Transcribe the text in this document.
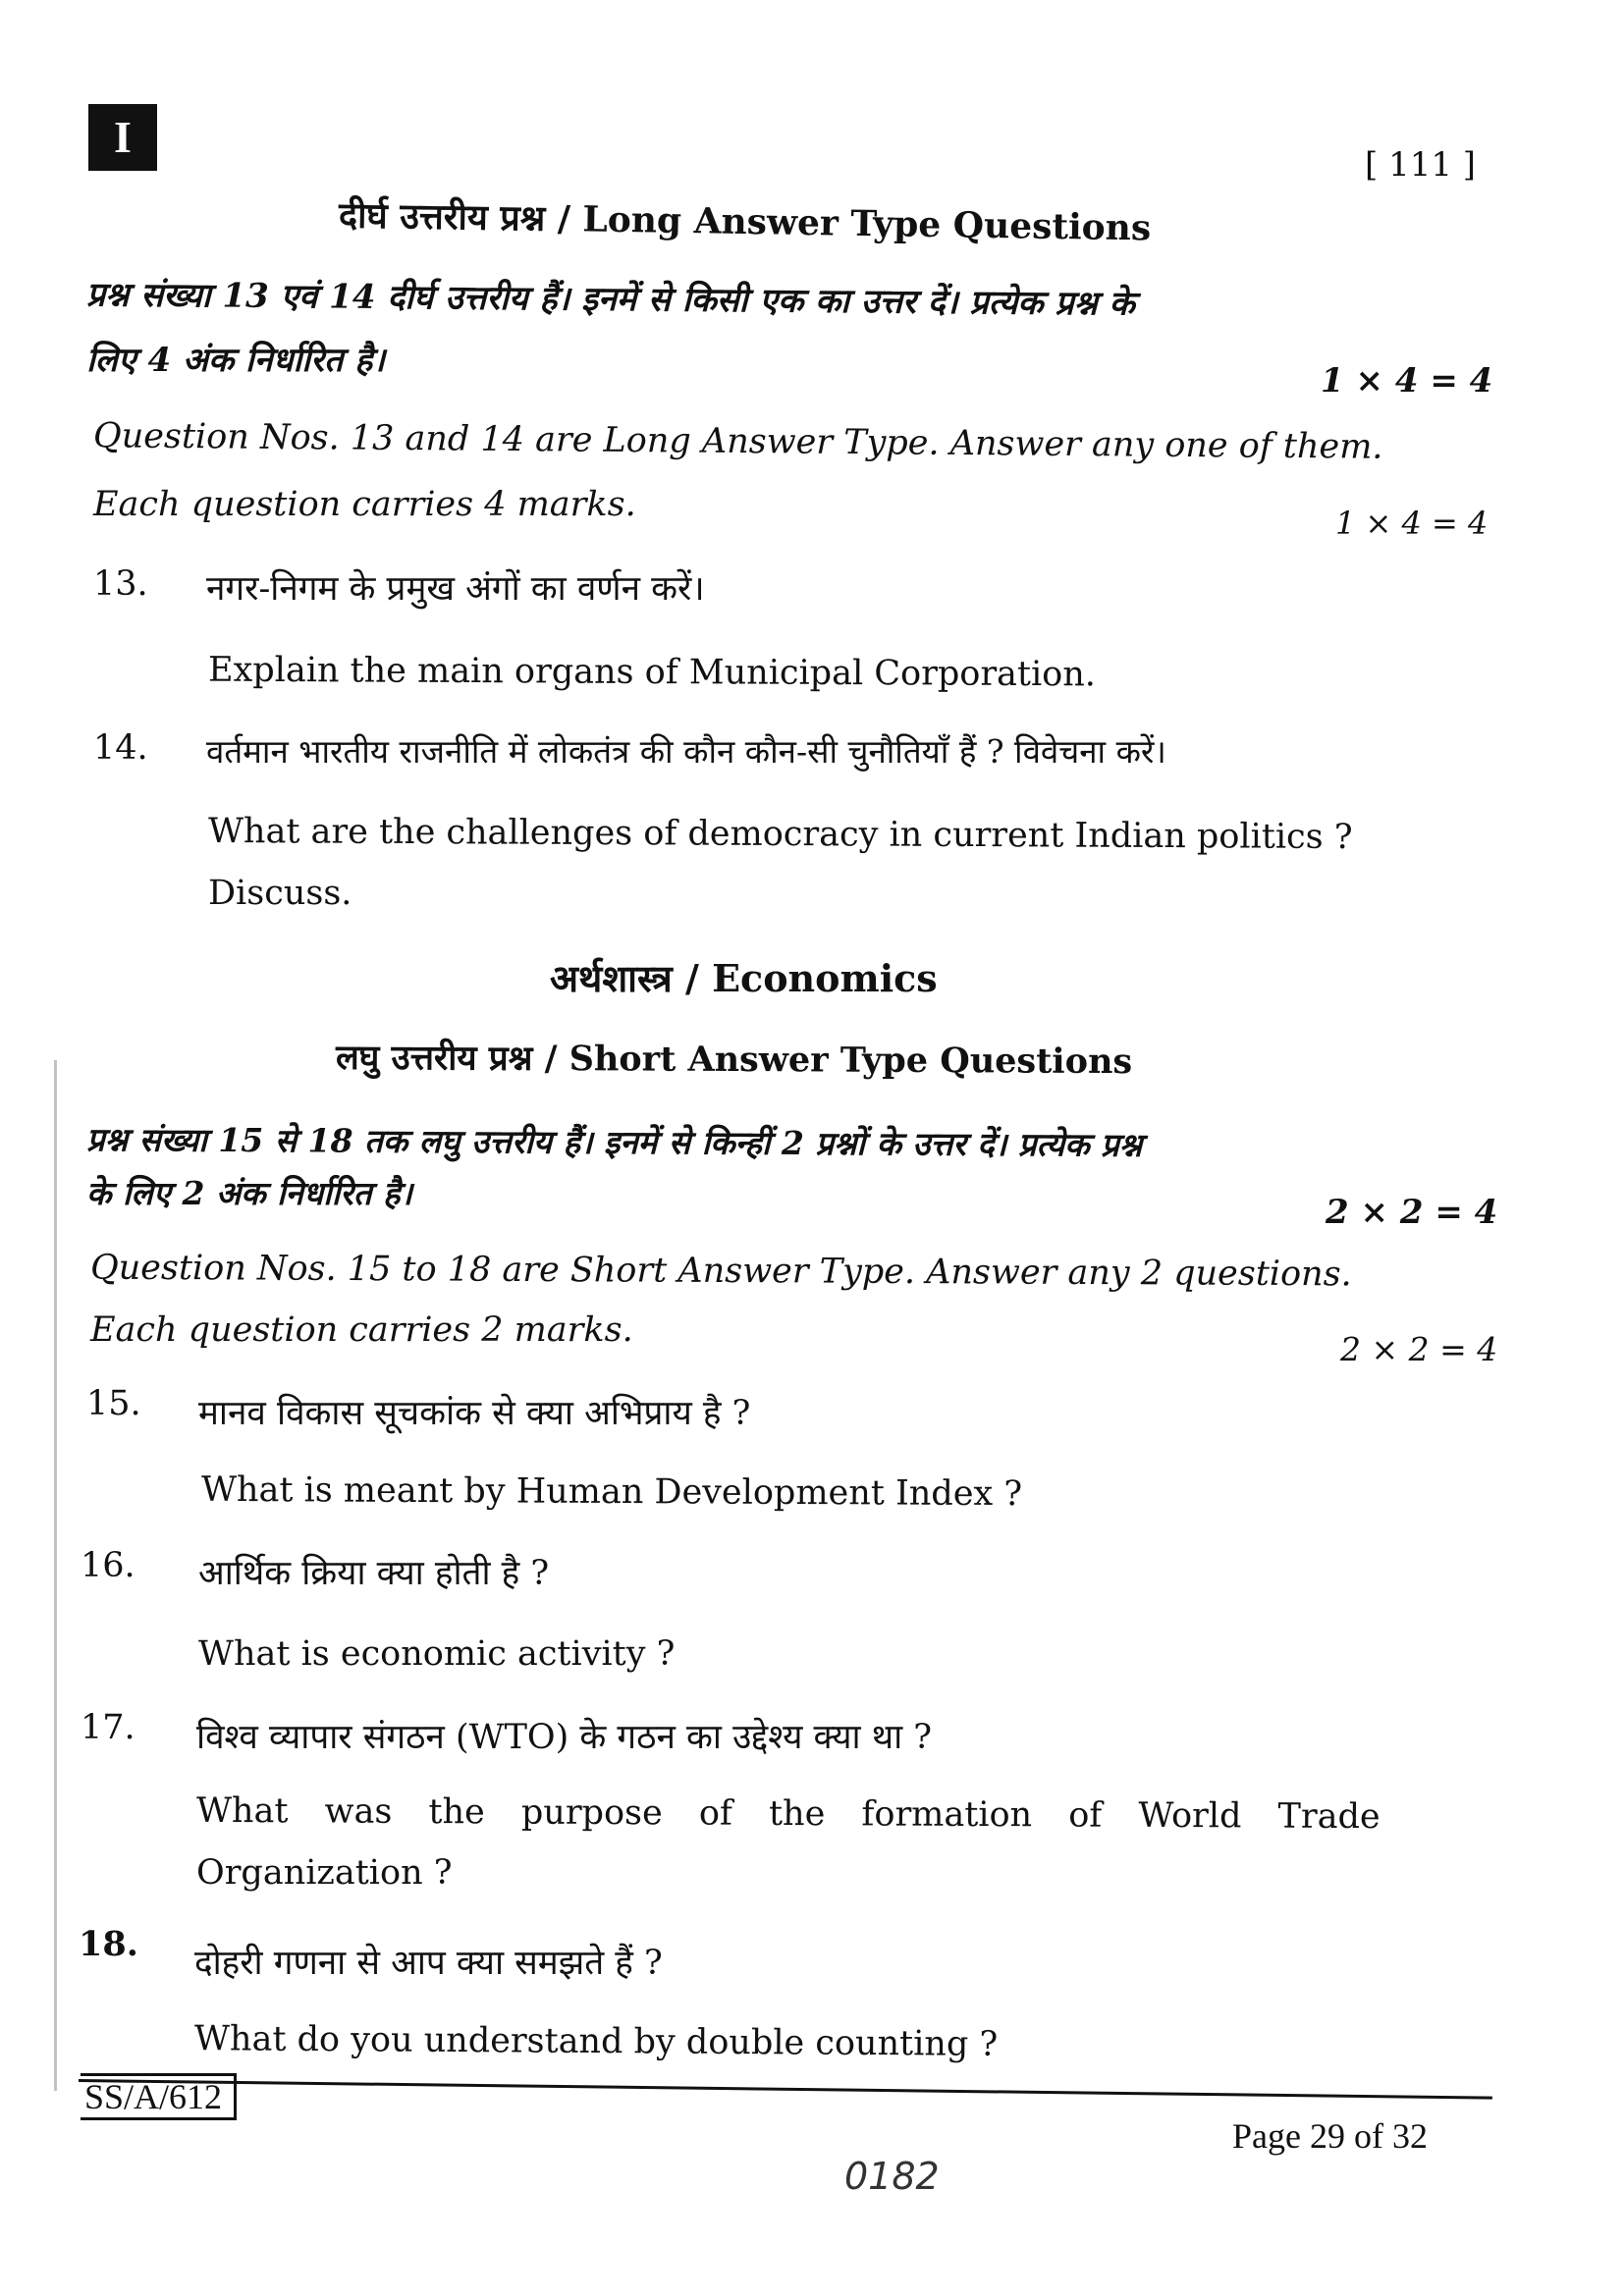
I
[ 111 ]
दीर्घ उत्तरीय प्रश्न / Long Answer Type Questions
प्रश्न संख्या 13 एवं 14 दीर्घ उत्तरीय हैं। इनमें से किसी एक का उत्तर दें। प्रत्येक प्रश्न के
लिए 4 अंक निर्धारित है।
1 × 4 = 4
Question Nos. 13 and 14 are Long Answer Type. Answer any one of them.
Each question carries 4 marks.	1 × 4 = 4
13. नगर-निगम के प्रमुख अंगों का वर्णन करें।
Explain the main organs of Municipal Corporation.
14. वर्तमान भारतीय राजनीति में लोकतंत्र की कौन कौन-सी चुनौतियाँ हैं ? विवेचना करें।
What are the challenges of democracy in current Indian politics ?
Discuss.
अर्थशास्त्र / Economics
लघु उत्तरीय प्रश्न / Short Answer Type Questions
प्रश्न संख्या 15 से 18 तक लघु उत्तरीय हैं। इनमें से किन्हीं 2 प्रश्नों के उत्तर दें। प्रत्येक प्रश्न
के लिए 2 अंक निर्धारित है।	2 × 2 = 4
Question Nos. 15 to 18 are Short Answer Type. Answer any 2 questions.
Each question carries 2 marks.	2 × 2 = 4
15. मानव विकास सूचकांक से क्या अभिप्राय है ?
What is meant by Human Development Index ?
16. आर्थिक क्रिया क्या होती है ?
What is economic activity ?
17. विश्व व्यापार संगठन (WTO) के गठन का उद्देश्य क्या था ?
What was the purpose of the formation of World Trade
Organization ?
18. दोहरी गणना से आप क्या समझते हैं ?
What do you understand by double counting ?
SS/A/612
Page 29 of 32
0182
